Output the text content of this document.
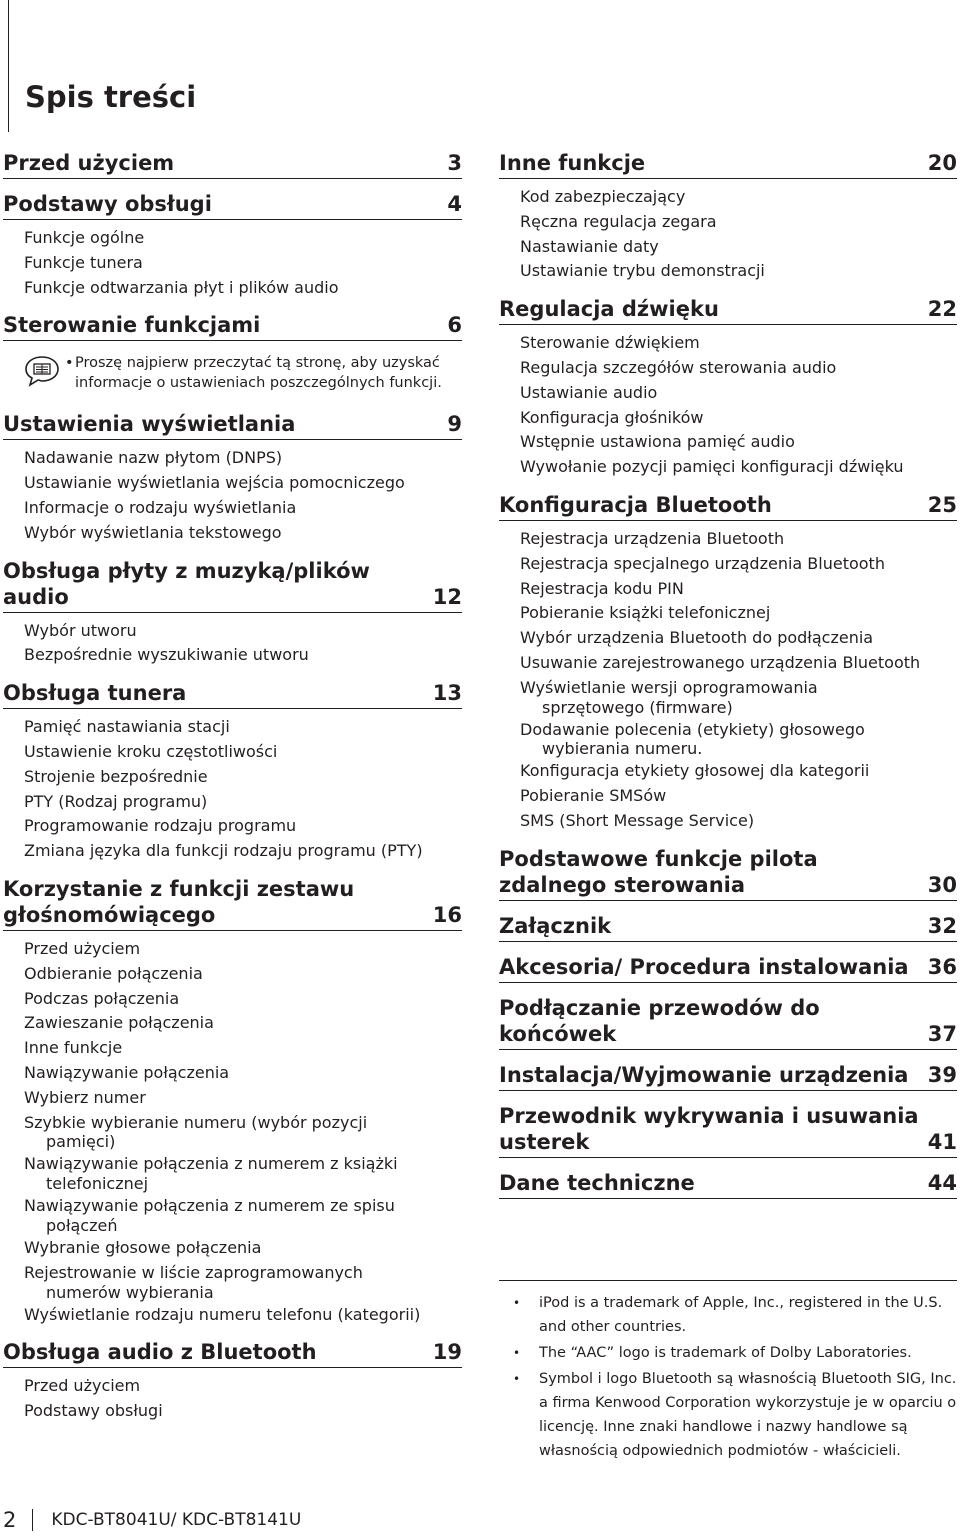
Spis treści
Przed użyciem	3
Podstawy obsługi	4
Funkcje ogólne
Funkcje tunera
Funkcje odtwarzania płyt i plików audio
Sterowanie funkcjami	6
•Proszę najpierw przeczytać tą stronę, aby uzyskać informacje o ustawieniach poszczególnych funkcji.
Ustawienia wyświetlania	9
Nadawanie nazw płytom (DNPS)
Ustawianie wyświetlania wejścia pomocniczego
Informacje o rodzaju wyświetlania
Wybór wyświetlania tekstowego
Obsługa płyty z muzyką/plików audio	12
Wybór utworu
Bezpośrednie wyszukiwanie utworu
Obsługa tunera	13
Pamięć nastawiania stacji
Ustawienie kroku częstotliwości
Strojenie bezpośrednie
PTY (Rodzaj programu)
Programowanie rodzaju programu
Zmiana języka dla funkcji rodzaju programu (PTY)
Korzystanie z funkcji zestawu głośnomówiącego	16
Przed użyciem
Odbieranie połączenia
Podczas połączenia
Zawieszanie połączenia
Inne funkcje
Nawiązywanie połączenia
Wybierz numer
Szybkie wybieranie numeru (wybór pozycji
pamięci)
Nawiązywanie połączenia z numerem z książki
telefonicznej
Nawiązywanie połączenia z numerem ze spisu
połączeń
Wybranie głosowe połączenia
Rejestrowanie w liście zaprogramowanych
numerów wybierania
Wyświetlanie rodzaju numeru telefonu (kategorii)
Obsługa audio z Bluetooth	19
Przed użyciem
Podstawy obsługi
Inne funkcje	20
Kod zabezpieczający
Ręczna regulacja zegara
Nastawianie daty
Ustawianie trybu demonstracji
Regulacja dźwięku	22
Sterowanie dźwiękiem
Regulacja szczegółów sterowania audio
Ustawianie audio
Konfiguracja głośników
Wstępnie ustawiona pamięć audio
Wywołanie pozycji pamięci konfiguracji dźwięku
Konfiguracja Bluetooth	25
Rejestracja urządzenia Bluetooth
Rejestracja specjalnego urządzenia Bluetooth
Rejestracja kodu PIN
Pobieranie książki telefonicznej
Wybór urządzenia Bluetooth do podłączenia
Usuwanie zarejestrowanego urządzenia Bluetooth
Wyświetlanie wersji oprogramowania
sprzętowego (firmware)
Dodawanie polecenia (etykiety) głosowego
wybierania numeru.
Konfiguracja etykiety głosowej dla kategorii
Pobieranie SMSów
SMS (Short Message Service)
Podstawowe funkcje pilota zdalnego sterowania	30
Załącznik	32
Akcesoria/ Procedura instalowania 36
Podłączanie przewodów do końcówek	37
Instalacja/Wyjmowanie urządzenia 39
Przewodnik wykrywania i usuwania usterek	41
Dane techniczne	44
• iPod is a trademark of Apple, Inc., registered in the U.S. and other countries.
• The “AAC” logo is trademark of Dolby Laboratories.
• Symbol i logo Bluetooth są własnością Bluetooth SIG, Inc. a firma Kenwood Corporation wykorzystuje je w oparciu o licencję. Inne znaki handlowe i nazwy handlowe są własnością odpowiednich podmiotów - właścicieli.
2 KDC-BT8041U/ KDC-BT8141U
